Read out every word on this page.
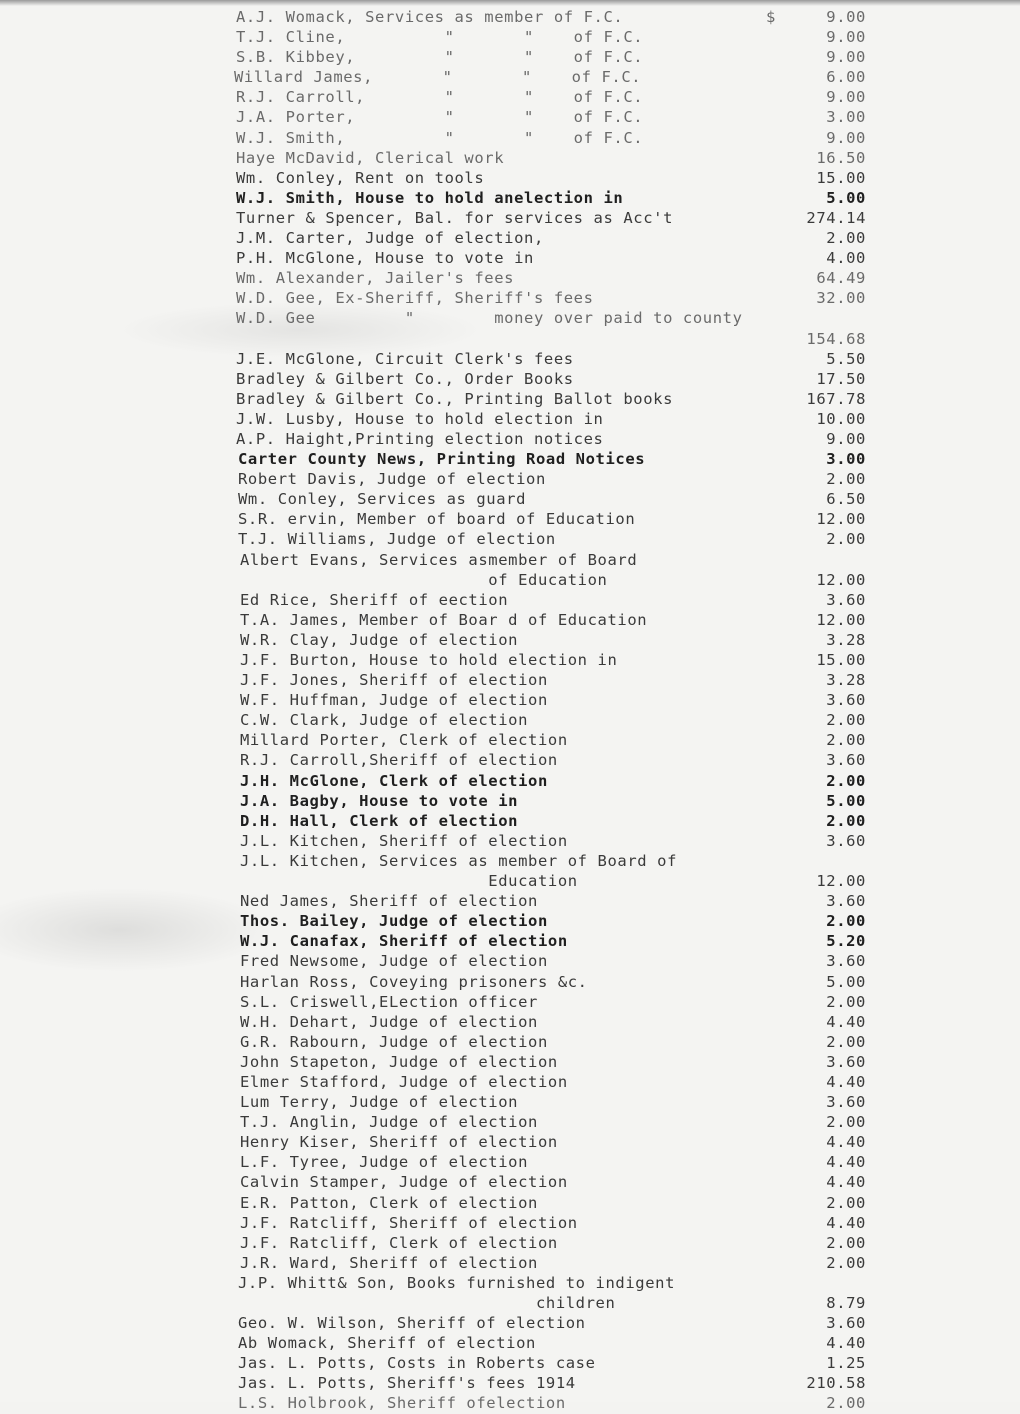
A.J. Womack, Services as member of F.C.	$	9.00
T.J. Cline,          "       "    of F.C.	9.00
S.B. Kibbey,         "       "    of F.C.	9.00
Willard James,       "       "    of F.C.	6.00
R.J. Carroll,        "       "    of F.C.	9.00
J.A. Porter,         "       "    of F.C.	3.00
W.J. Smith,          "       "    of F.C.	9.00
Haye McDavid, Clerical work	16.50
Wm. Conley, Rent on tools	15.00
W.J. Smith, House to hold anelection in	5.00
Turner & Spencer, Bal. for services as Acc't	274.14
J.M. Carter, Judge of election,	2.00
P.H. McGlone, House to vote in	4.00
Wm. Alexander, Jailer's fees	64.49
W.D. Gee, Ex-Sheriff, Sheriff's fees	32.00
W.D. Gee         "        money over paid to county
154.68
J.E. McGlone, Circuit Clerk's fees	5.50
Bradley & Gilbert Co., Order Books	17.50
Bradley & Gilbert Co., Printing Ballot books	167.78
J.W. Lusby, House to hold election in	10.00
A.P. Haight,Printing election notices	9.00
Carter County News, Printing Road Notices	3.00
Robert Davis, Judge of election	2.00
Wm. Conley, Services as guard	6.50
S.R. ervin, Member of board of Education	12.00
T.J. Williams, Judge of election	2.00
Albert Evans, Services asmember of Board
of Education	12.00
Ed Rice, Sheriff of eection	3.60
T.A. James, Member of Boar d of Education	12.00
W.R. Clay, Judge of election	3.28
J.F. Burton, House to hold election in	15.00
J.F. Jones, Sheriff of election	3.28
W.F. Huffman, Judge of election	3.60
C.W. Clark, Judge of election	2.00
Millard Porter, Clerk of election	2.00
R.J. Carroll,Sheriff of election	3.60
J.H. McGlone, Clerk of election	2.00
J.A. Bagby, House to vote in	5.00
D.H. Hall, Clerk of election	2.00
J.L. Kitchen, Sheriff of election	3.60
J.L. Kitchen, Services as member of Board of
Education	12.00
Ned James, Sheriff of election	3.60
Thos. Bailey, Judge of election	2.00
W.J. Canafax, Sheriff of election	5.20
Fred Newsome, Judge of election	3.60
Harlan Ross, Coveying prisoners &c.	5.00
S.L. Criswell,ELection officer	2.00
W.H. Dehart, Judge of election	4.40
G.R. Rabourn, Judge of election	2.00
John Stapeton, Judge of election	3.60
Elmer Stafford, Judge of election	4.40
Lum Terry, Judge of election	3.60
T.J. Anglin, Judge of election	2.00
Henry Kiser, Sheriff of election	4.40
L.F. Tyree, Judge of election	4.40
Calvin Stamper, Judge of election	4.40
E.R. Patton, Clerk of election	2.00
J.F. Ratcliff, Sheriff of election	4.40
J.F. Ratcliff, Clerk of election	2.00
J.R. Ward, Sheriff of election	2.00
J.P. Whitt& Son, Books furnished to indigent
children	8.79
Geo. W. Wilson, Sheriff of election	3.60
Ab Womack, Sheriff of election	4.40
Jas. L. Potts, Costs in Roberts case	1.25
Jas. L. Potts, Sheriff's fees 1914	210.58
L.S. Holbrook, Sheriff ofelection	2.00
